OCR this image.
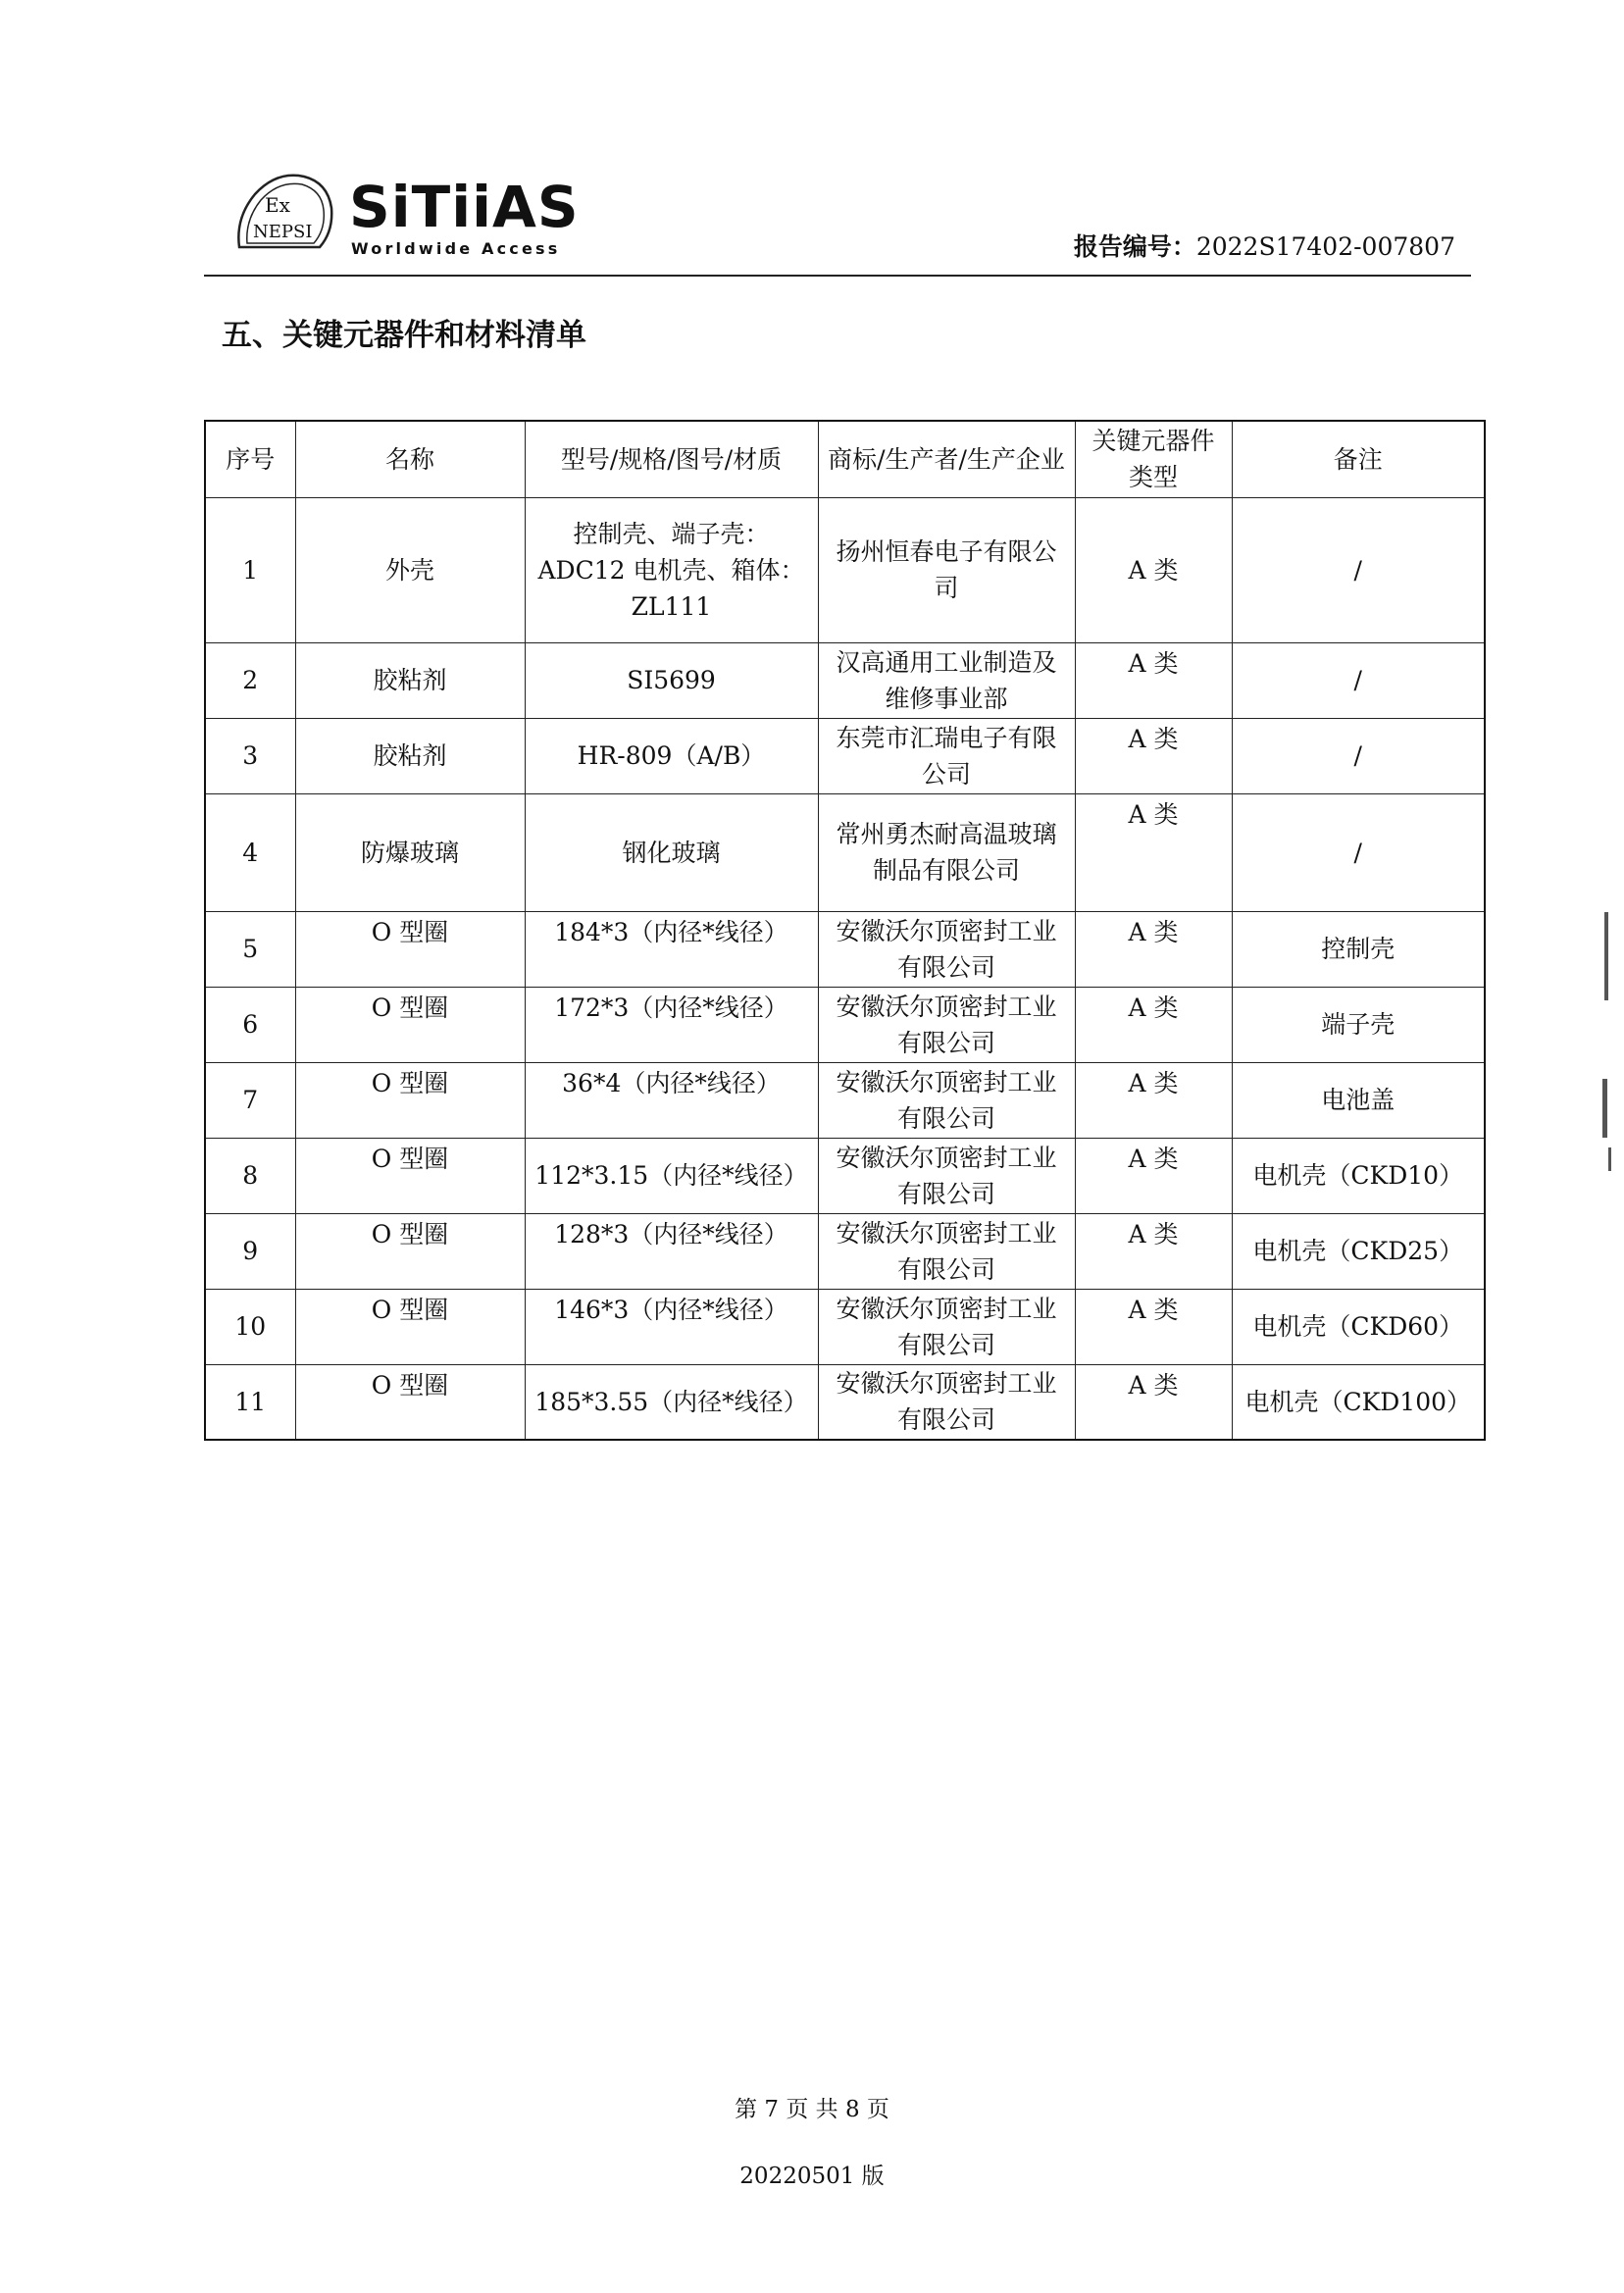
Ex
NEPSI SiTiiAS
Worldwide Access	报告编号：2022S17402-007807
五、关键元器件和材料清单
序号	名称	型号/规格/图号/材质	商标/生产者/生产企业	关键元器件类型	备注
1	外壳	控制壳、端子壳：ADC12 电机壳、箱体：ZL111	扬州恒春电子有限公司	A 类	/
2	胶粘剂	SI5699	汉高通用工业制造及维修事业部	A 类	/
3	胶粘剂	HR-809（A/B）	东莞市汇瑞电子有限公司	A 类	/
4	防爆玻璃	钢化玻璃	常州勇杰耐高温玻璃制品有限公司	A 类	/
5	O 型圈	184*3（内径*线径）	安徽沃尔顶密封工业有限公司	A 类	控制壳
6	O 型圈	172*3（内径*线径）	安徽沃尔顶密封工业有限公司	A 类	端子壳
7	O 型圈	36*4（内径*线径）	安徽沃尔顶密封工业有限公司	A 类	电池盖
8	O 型圈	112*3.15（内径*线径）	安徽沃尔顶密封工业有限公司	A 类	电机壳（CKD10）
9	O 型圈	128*3（内径*线径）	安徽沃尔顶密封工业有限公司	A 类	电机壳（CKD25）
10	O 型圈	146*3（内径*线径）	安徽沃尔顶密封工业有限公司	A 类	电机壳（CKD60）
11	O 型圈	185*3.55（内径*线径）	安徽沃尔顶密封工业有限公司	A 类	电机壳（CKD100）
第 7 页 共 8 页
20220501 版
